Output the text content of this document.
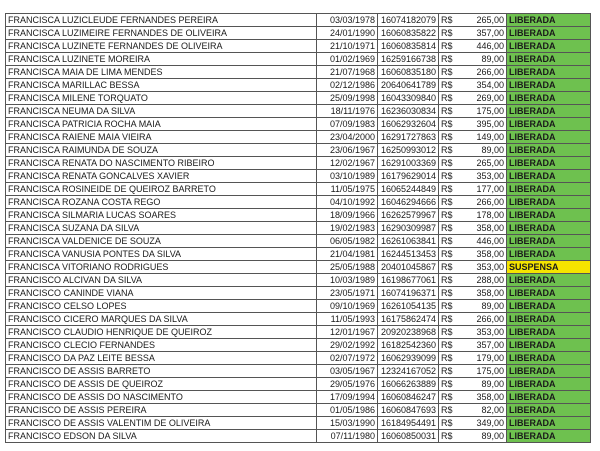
FRANCISCA LUZICLEUDE FERNANDES PEREIRA	03/03/1978	16074182079	R$	265,00	LIBERADA
FRANCISCA LUZIMEIRE FERNANDES DE OLIVEIRA	24/01/1990	16060835822	R$	357,00	LIBERADA
FRANCISCA LUZINETE FERNANDES DE OLIVEIRA	21/10/1971	16060835814	R$	446,00	LIBERADA
FRANCISCA LUZINETE MOREIRA	01/02/1969	16259166738	R$	89,00	LIBERADA
FRANCISCA MAIA DE LIMA MENDES	21/07/1968	16060835180	R$	266,00	LIBERADA
FRANCISCA MARILLAC BESSA	02/12/1986	20640641789	R$	354,00	LIBERADA
FRANCISCA MILENE TORQUATO	25/09/1998	16043309840	R$	269,00	LIBERADA
FRANCISCA NEUMA DA SILVA	18/11/1976	16236030834	R$	175,00	LIBERADA
FRANCISCA PATRICIA ROCHA MAIA	07/09/1983	16062932604	R$	395,00	LIBERADA
FRANCISCA RAIENE MAIA VIEIRA	23/04/2000	16291727863	R$	149,00	LIBERADA
FRANCISCA RAIMUNDA DE SOUZA	23/06/1967	16250993012	R$	89,00	LIBERADA
FRANCISCA RENATA DO NASCIMENTO RIBEIRO	12/02/1967	16291003369	R$	265,00	LIBERADA
FRANCISCA RENATA GONCALVES XAVIER	03/10/1989	16179629014	R$	353,00	LIBERADA
FRANCISCA ROSINEIDE DE QUEIROZ BARRETO	11/05/1975	16065244849	R$	177,00	LIBERADA
FRANCISCA ROZANA COSTA REGO	04/10/1992	16046294666	R$	266,00	LIBERADA
FRANCISCA SILMARIA LUCAS SOARES	18/09/1966	16262579967	R$	178,00	LIBERADA
FRANCISCA SUZANA DA SILVA	19/02/1983	16290309987	R$	358,00	LIBERADA
FRANCISCA VALDENICE DE SOUZA	06/05/1982	16261063841	R$	446,00	LIBERADA
FRANCISCA VANUSIA PONTES DA SILVA	21/04/1981	16244513453	R$	358,00	LIBERADA
FRANCISCA VITORIANO RODRIGUES	25/05/1988	20401045867	R$	353,00	SUSPENSA
FRANCISCO ALCIVAN DA SILVA	10/03/1989	16198677061	R$	288,00	LIBERADA
FRANCISCO CANINDE VIANA	23/05/1971	16074196371	R$	358,00	LIBERADA
FRANCISCO CELSO LOPES	09/10/1969	16261054135	R$	89,00	LIBERADA
FRANCISCO CICERO MARQUES DA SILVA	11/05/1993	16175862474	R$	266,00	LIBERADA
FRANCISCO CLAUDIO HENRIQUE DE QUEIROZ	12/01/1967	20920238968	R$	353,00	LIBERADA
FRANCISCO CLECIO FERNANDES	29/02/1992	16182542360	R$	357,00	LIBERADA
FRANCISCO DA PAZ LEITE BESSA	02/07/1972	16062939099	R$	179,00	LIBERADA
FRANCISCO DE ASSIS BARRETO	03/05/1967	12324167052	R$	175,00	LIBERADA
FRANCISCO DE ASSIS DE QUEIROZ	29/05/1976	16066263889	R$	89,00	LIBERADA
FRANCISCO DE ASSIS DO NASCIMENTO	17/09/1994	16060846247	R$	358,00	LIBERADA
FRANCISCO DE ASSIS PEREIRA	01/05/1986	16060847693	R$	82,00	LIBERADA
FRANCISCO DE ASSIS VALENTIM DE OLIVEIRA	15/03/1990	16184954491	R$	349,00	LIBERADA
FRANCISCO EDSON DA SILVA	07/11/1980	16060850031	R$	89,00	LIBERADA
